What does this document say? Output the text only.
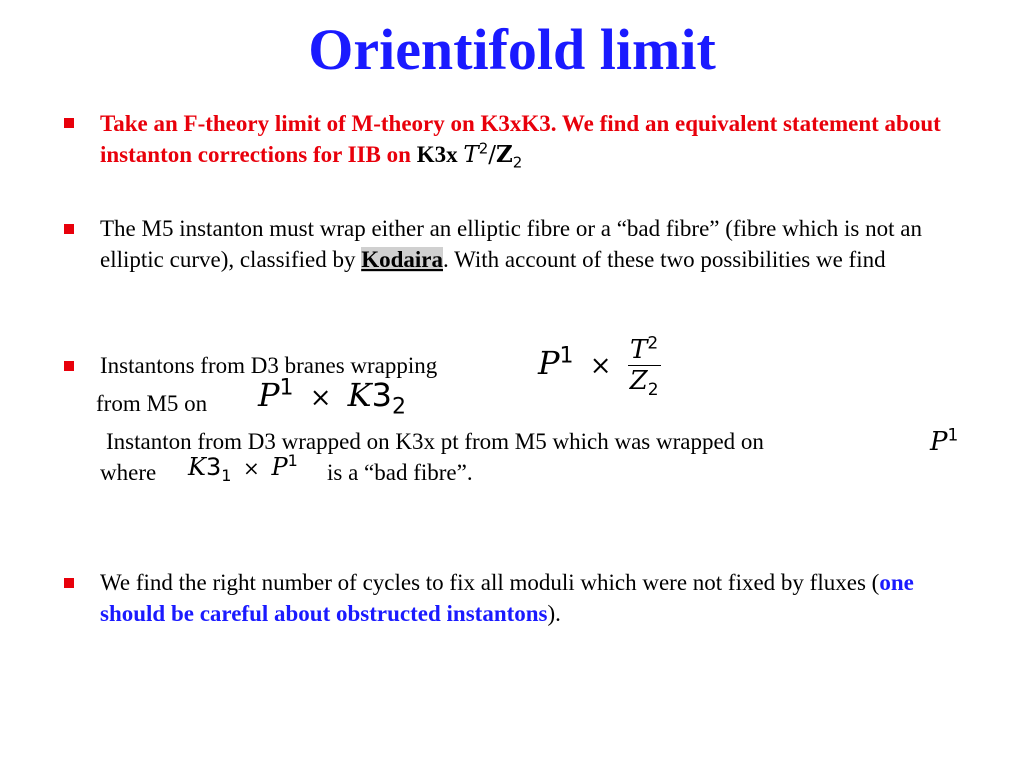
Orientifold limit
Take an F-theory limit of M-theory on K3xK3. We find an equivalent statement about instanton corrections for IIB on K3x $T^2/Z_2$
The M5 instanton must wrap either an elliptic fibre or a “bad fibre” (fibre which is not an elliptic curve), classified by Kodaira. With account of these two possibilities we find
Instantons from D3 branes wrapping	$P^1 \times \frac{T^2}{Z_2}$
from M5 on	$P^1 \times K3_2$
Instanton from D3 wrapped on K3x pt from M5 which was wrapped on	$P^1$
where	$K3_1 \times P^1$ is a “bad fibre”.
We find the right number of cycles to fix all moduli which were not fixed by fluxes (one should be careful about obstructed instantons).
